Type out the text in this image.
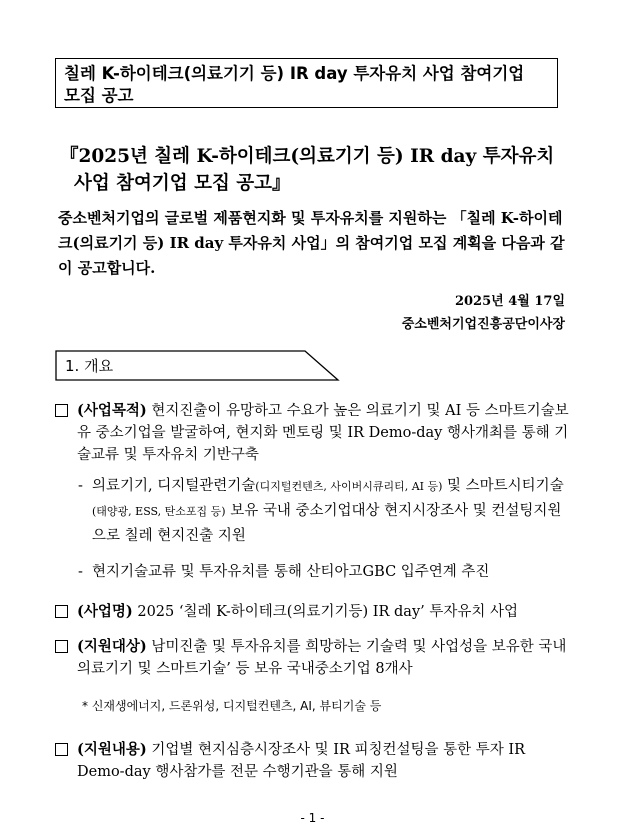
칠레 K-하이테크(의료기기 등) IR day 투자유치 사업 참여기업
모집 공고
『2025년 칠레 K-하이테크(의료기기 등) IR day 투자유치
사업 참여기업 모집 공고』
중소벤처기업의 글로벌 제품현지화 및 투자유치를 지원하는 「칠레 K-하이테크(의료기기 등) IR day 투자유치 사업」의 참여기업 모집 계획을 다음과 같이 공고합니다.
2025년 4월 17일
중소벤처기업진흥공단이사장
1. 개요
(사업목적) 현지진출이 유망하고 수요가 높은 의료기기 및 AI 등 스마트기술보유 중소기업을 발굴하여, 현지화 멘토링 및 IR Demo-day 행사개최를 통해 기술교류 및 투자유치 기반구축
- 의료기기, 디지털관련기술(디지털컨텐츠, 사이버시큐리티, AI 등) 및 스마트시티기술(태양광, ESS, 탄소포집 등) 보유 국내 중소기업대상 현지시장조사 및 컨설팅지원으로 칠레 현지진출 지원
- 현지기술교류 및 투자유치를 통해 산티아고GBC 입주연계 추진
(사업명) 2025 ‘칠레 K-하이테크(의료기기등) IR day’ 투자유치 사업
(지원대상) 남미진출 및 투자유치를 희망하는 기술력 및 사업성을 보유한 국내 의료기기 및 스마트기술’ 등 보유 국내중소기업 8개사
* 신재생에너지, 드론위성, 디지털컨텐츠, AI, 뷰티기술 등
(지원내용) 기업별 현지심층시장조사 및 IR 피칭컨설팅을 통한 투자 IR Demo-day 행사참가를 전문 수행기관을 통해 지원
- 1 -
